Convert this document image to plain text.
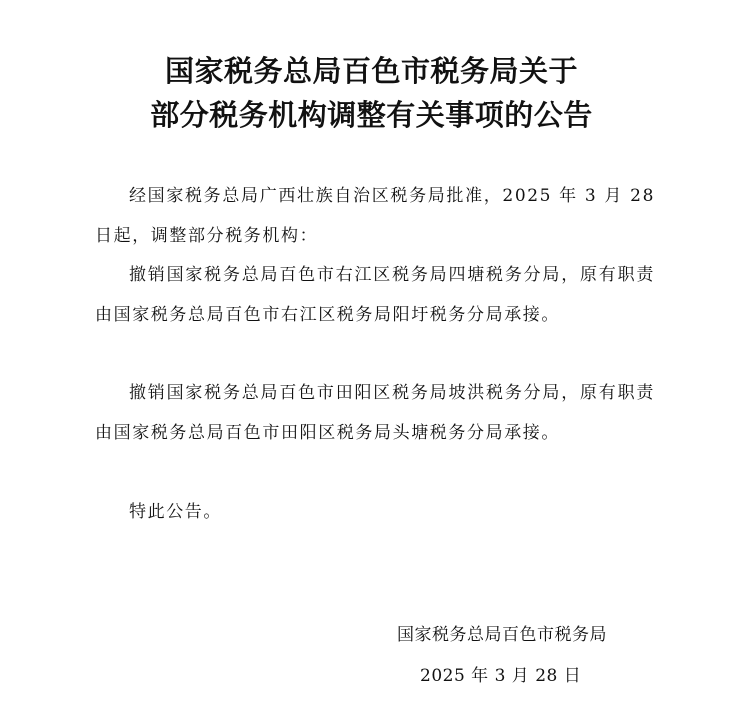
国家税务总局百色市税务局关于
部分税务机构调整有关事项的公告

经国家税务总局广西壮族自治区税务局批准，2025 年 3 月 28 日起，调整部分税务机构：

撤销国家税务总局百色市右江区税务局四塘税务分局，原有职责由国家税务总局百色市右江区税务局阳圩税务分局承接。

撤销国家税务总局百色市田阳区税务局坡洪税务分局，原有职责由国家税务总局百色市田阳区税务局头塘税务分局承接。

特此公告。

国家税务总局百色市税务局

2025 年 3 月 28 日
